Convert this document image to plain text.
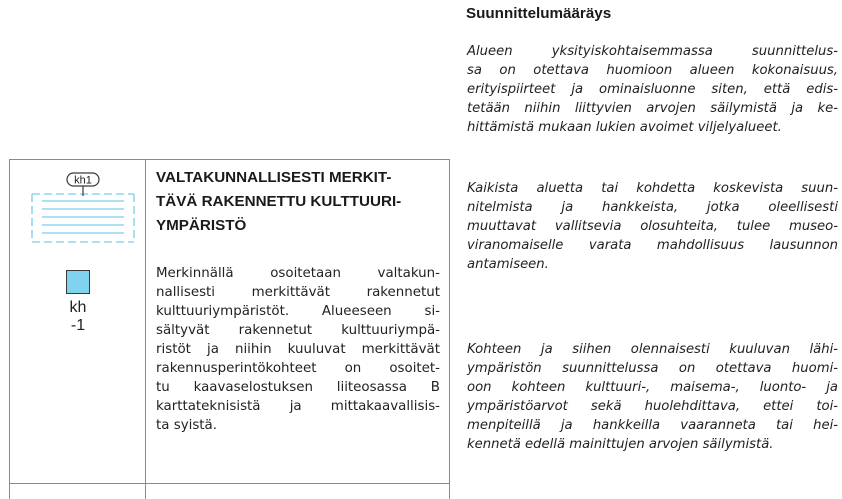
kh1
kh
-1
VALTAKUNNALLISESTI MERKIT-
TÄVÄ RAKENNETTU KULTTUURI-
YMPÄRISTÖ
Merkinnällä osoitetaan valtakun-
nallisesti merkittävät rakennetut
kulttuuriympäristöt. Alueeseen si-
sältyvät rakennetut kulttuuriympä-
ristöt ja niihin kuuluvat merkittävät
rakennusperintökohteet on osoitet-
tu kaavaselostuksen liiteosassa B
karttateknisistä ja mittakaavallisis-
ta syistä.
Suunnittelumääräys
Alueen yksityiskohtaisemmassa suunnittelus-
sa on otettava huomioon alueen kokonaisuus,
erityispiirteet ja ominaisluonne siten, että edis-
tetään niihin liittyvien arvojen säilymistä ja ke-
hittämistä mukaan lukien avoimet viljelyalueet.
Kaikista aluetta tai kohdetta koskevista suun-
nitelmista ja hankkeista, jotka oleellisesti
muuttavat vallitsevia olosuhteita, tulee museo-
viranomaiselle varata mahdollisuus lausunnon
antamiseen.
Kohteen ja siihen olennaisesti kuuluvan lähi-
ympäristön suunnittelussa on otettava huomi-
oon kohteen kulttuuri-, maisema-, luonto- ja
ympäristöarvot sekä huolehdittava, ettei toi-
menpiteillä ja hankkeilla vaaranneta tai hei-
kennetä edellä mainittujen arvojen säilymistä.
